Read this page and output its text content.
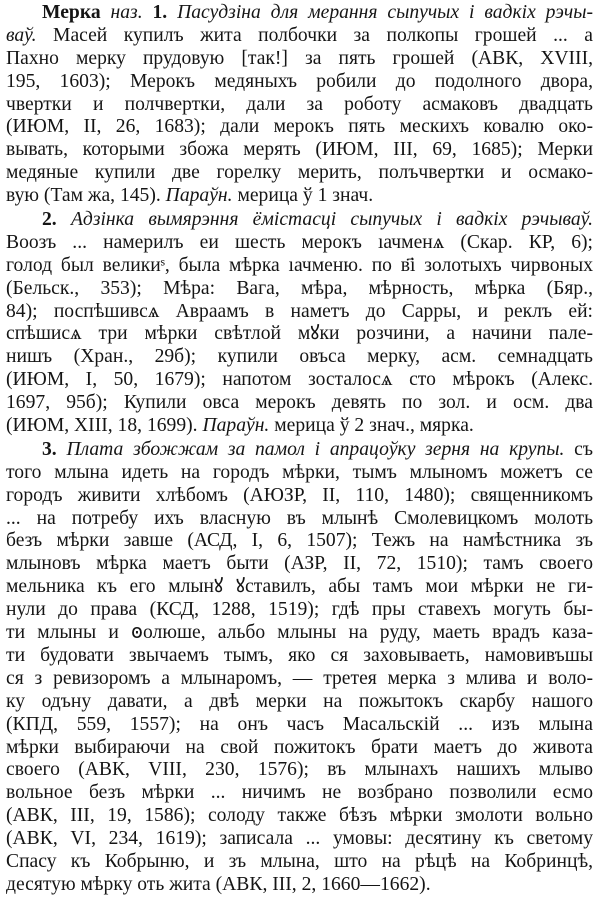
Мерка наз. 1. Пасудзіна для мерання сыпучых і вадкіх рэчы-
ваў. Масей купилъ жита полбочки за полкопы грошей ... а
Пахно мерку прудовую [так!] за пять грошей (АВК, XVIII,
195, 1603); Мерокъ медяныхъ робили до подолного двора,
чвертки и полчвертки, дали за роботу асмаковъ двадцать
(ИЮМ, II, 26, 1683); дали мерокъ пять мескихъ ковалю око-
вывать, которыми збожа мерять (ИЮМ, III, 69, 1685); Мерки
медяные купили две горелку мерить, полъчвертки и осмако-
вую (Там жа, 145). Параўн. мерица ў 1 знач.
2. Адзінка вымярэння ёмістасці сыпучых і вадкіх рэчываў.
Воозъ ... намерилъ еи шесть мерокъ ıачменѧ (Скар. КР, 6);
голод был великиˢ, была мѣрка ıачменю. по в҃і золотыхъ чирвоных
(Бельск., 353); Мѣра: Вага, мѣра, мѣрность, мѣрка (Бяр.,
84); поспѣшивсѧ Авраамъ в наметъ до Сарры, и реклъ ей:
спѣшисѧ три мѣрки свѣтлой мꙋки розчини, а начини пале-
нишъ (Хран., 29б); купили овъса мерку, асм. семнадцать
(ИЮМ, I, 50, 1679); напотом зосталосѧ сто мѣрокъ (Алекс.
1697, 95б); Купили овса мерокъ девять по зол. и осм. два
(ИЮМ, XIII, 18, 1699). Параўн. мерица ў 2 знач., мярка.
3. Плата збожжам за памол і апрацоўку зерня на крупы. съ
того млына идеть на городъ мѣрки, тымъ млыномъ можетъ се
городъ живити хлѣбомъ (АЮЗР, II, 110, 1480); священникомъ
... на потребу ихъ власную въ млынѣ Смолевицкомъ молоть
безъ мѣрки завше (АСД, I, 6, 1507); Тежъ на намѣстника зъ
млыновъ мѣрка маетъ быти (АЗР, II, 72, 1510); тамъ своего
мельника къ его млынꙋ ꙋставилъ, абы тамъ мои мѣрки не ги-
нули до права (КСД, 1288, 1519); гдѣ пры ставехъ могуть бы-
ти млыны и ꙩолюше, альбо млыны на руду, маеть врадъ каза-
ти будовати звычаемъ тымъ, яко ся заховываеть, намовивъшы
ся з ревизоромъ а млынаромъ, — третея мерка з млива и воло-
ку одъну давати, а двѣ мерки на пожытокъ скарбу нашого
(КПД, 559, 1557); на онъ часъ Масальскій ... изъ млына
мѣрки выбираючи на свой пожитокъ брати маетъ до живота
своего (АВК, VIII, 230, 1576); въ млынахъ нашихъ млыво
вольное безъ мѣрки ... ничимъ не возбрано позволили есмо
(АВК, III, 19, 1586); солоду также бѣзъ мѣрки змолоти вольно
(АВК, VI, 234, 1619); записала ... умовы: десятину къ светому
Спасу къ Кобрыню, и зъ млына, што на рѣцѣ на Кобринцѣ,
десятую мѣрку оть жита (АВК, III, 2, 1660—1662).
